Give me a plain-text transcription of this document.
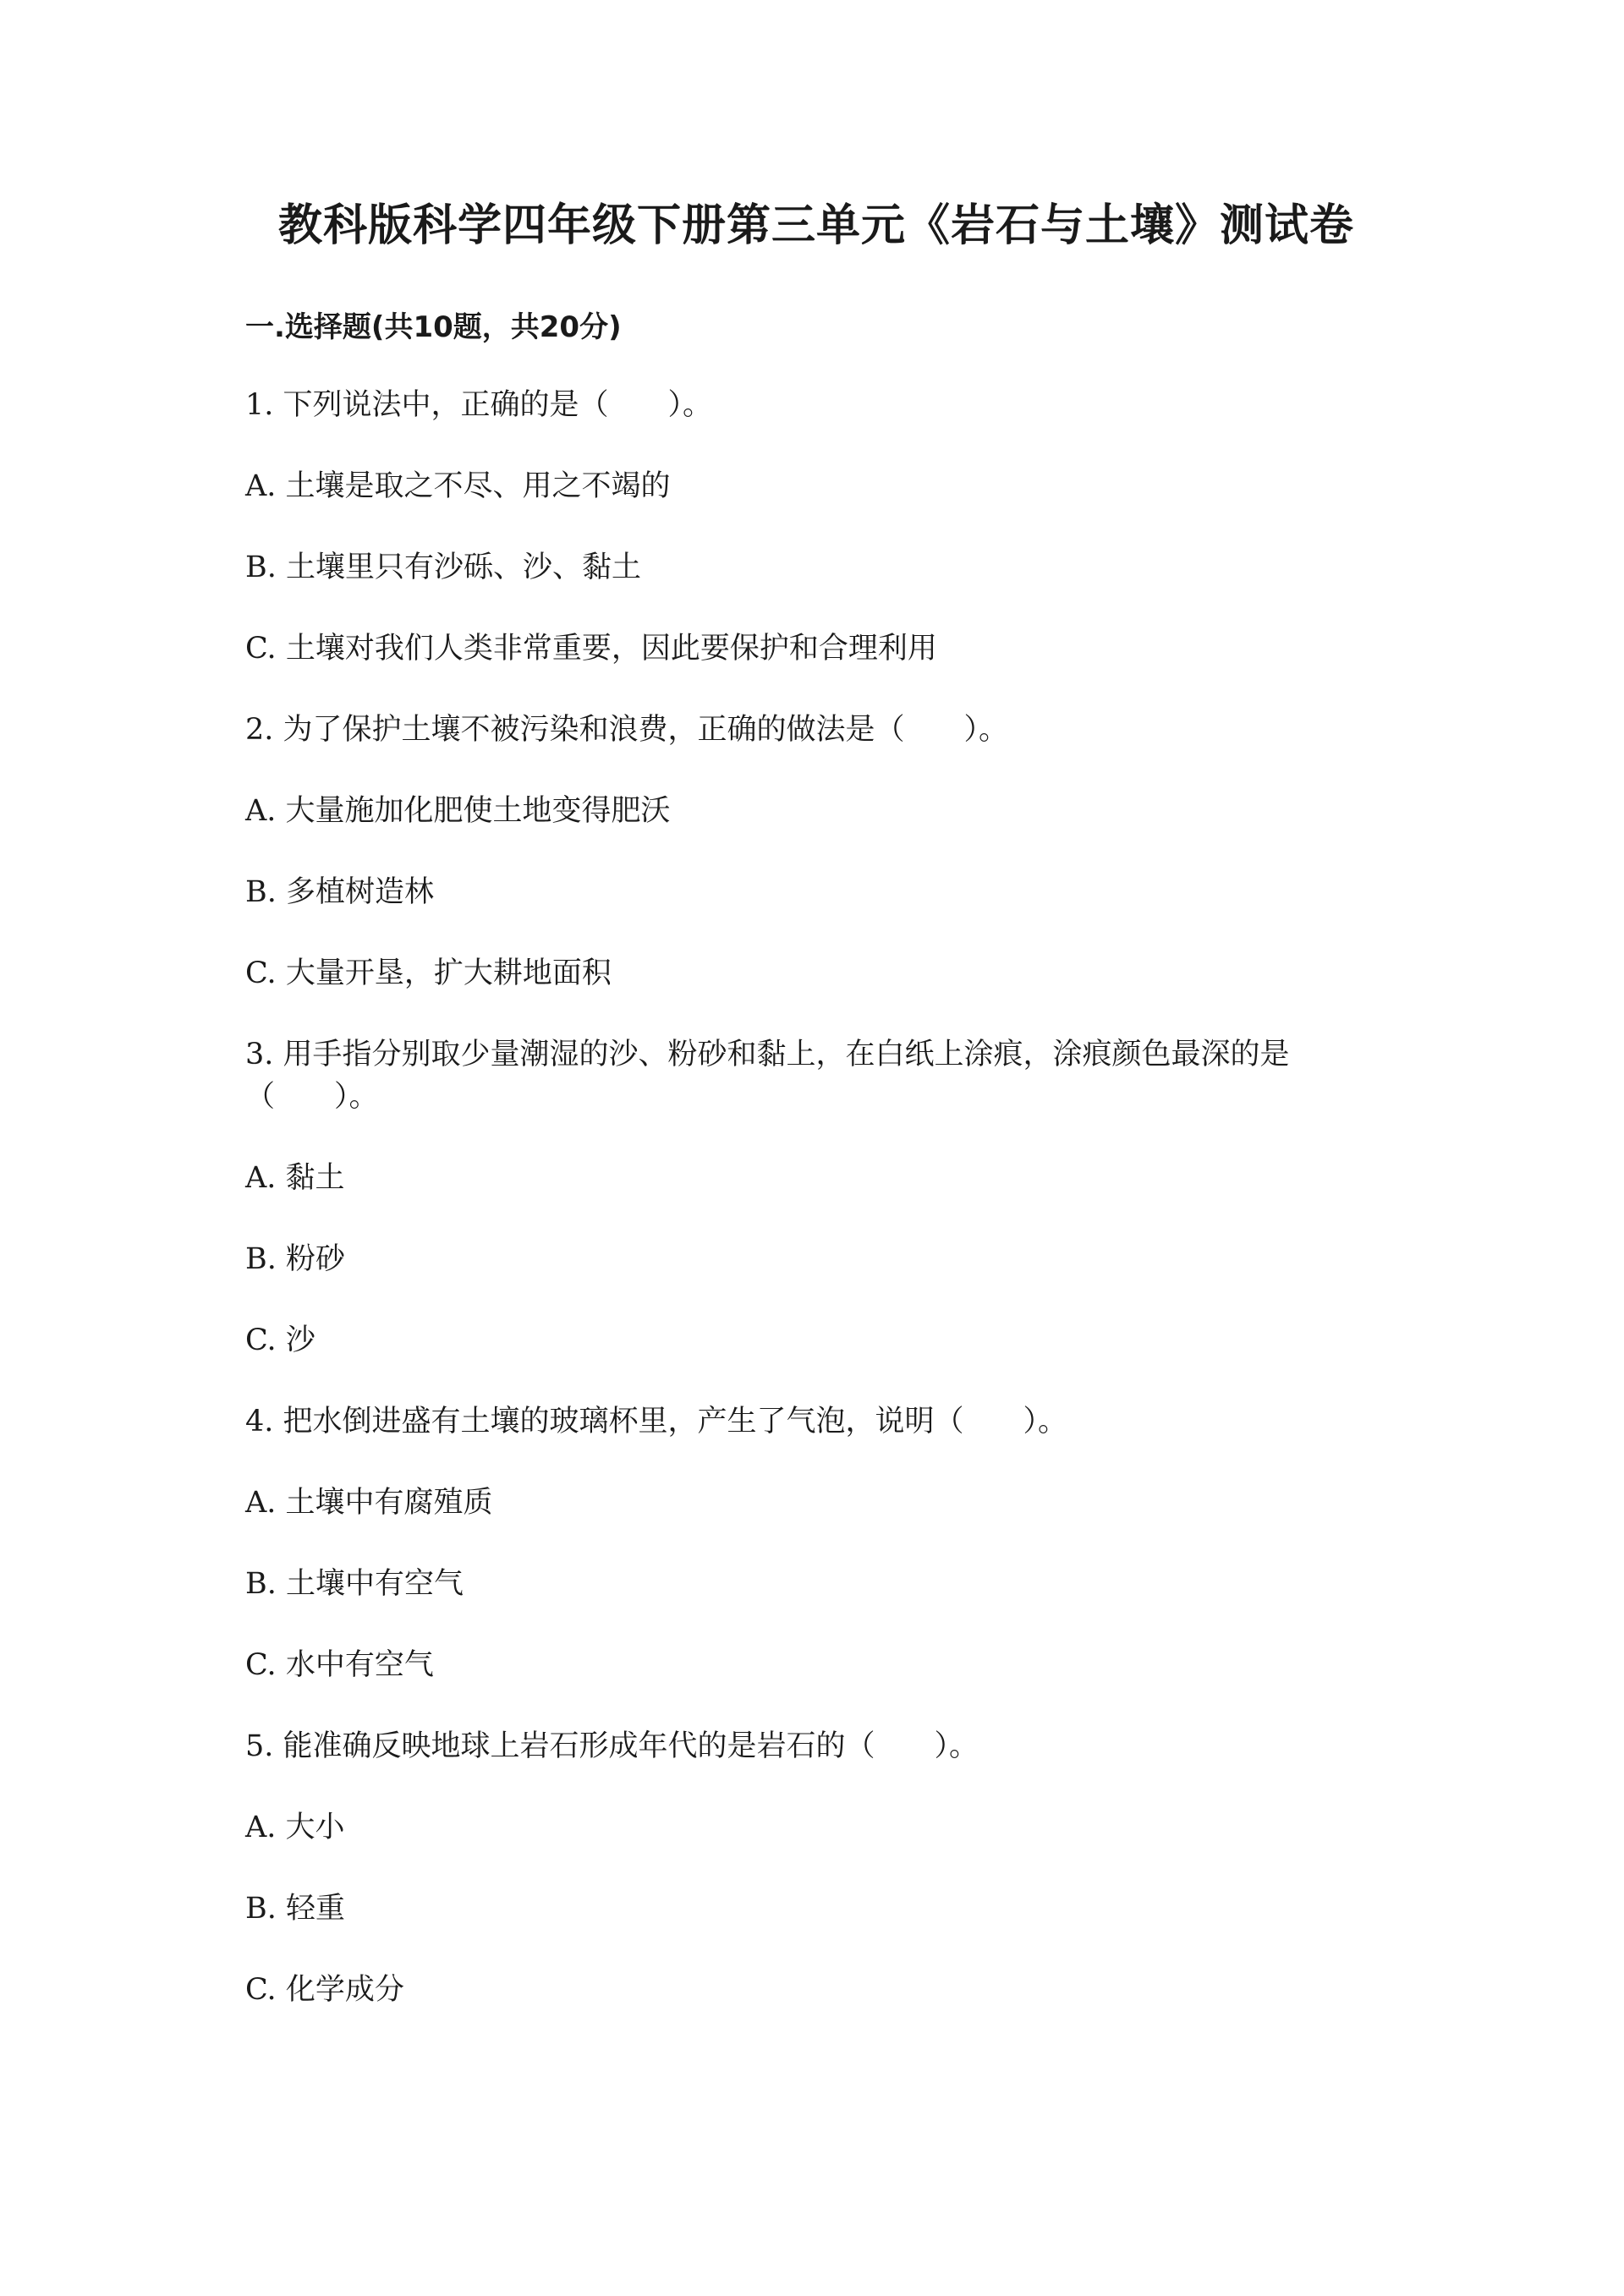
教科版科学四年级下册第三单元《岩石与土壤》测试卷
一.选择题(共10题，共20分)
1. 下列说法中，正确的是（　　）。
A. 土壤是取之不尽、用之不竭的
B. 土壤里只有沙砾、沙、黏土
C. 土壤对我们人类非常重要，因此要保护和合理利用
2. 为了保护土壤不被污染和浪费，正确的做法是（　　）。
A. 大量施加化肥使土地变得肥沃
B. 多植树造林
C. 大量开垦，扩大耕地面积
3. 用手指分别取少量潮湿的沙、粉砂和黏上，在白纸上涂痕，涂痕颜色最深的是（　　）。
A. 黏土
B. 粉砂
C. 沙
4. 把水倒进盛有土壤的玻璃杯里，产生了气泡，说明（　　）。
A. 土壤中有腐殖质
B. 土壤中有空气
C. 水中有空气
5. 能准确反映地球上岩石形成年代的是岩石的（　　）。
A. 大小
B. 轻重
C. 化学成分
